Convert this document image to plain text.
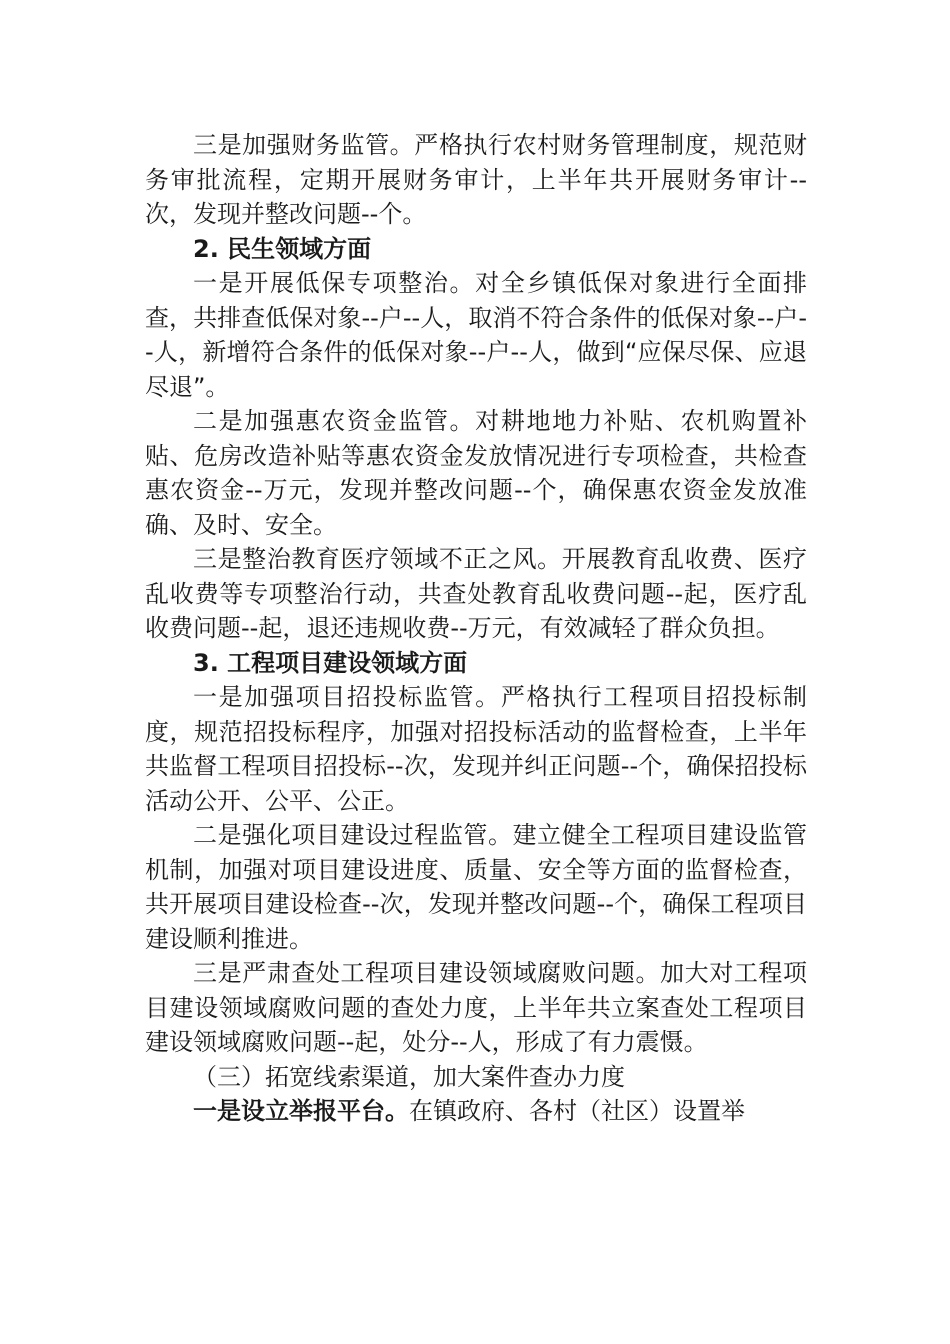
三是加强财务监管。严格执行农村财务管理制度，规范财务审批流程，定期开展财务审计，上半年共开展财务审计--次，发现并整改问题--个。

2. 民生领域方面

一是开展低保专项整治。对全乡镇低保对象进行全面排查，共排查低保对象--户--人，取消不符合条件的低保对象--户--人，新增符合条件的低保对象--户--人，做到“应保尽保、应退尽退”。

二是加强惠农资金监管。对耕地地力补贴、农机购置补贴、危房改造补贴等惠农资金发放情况进行专项检查，共检查惠农资金--万元，发现并整改问题--个，确保惠农资金发放准确、及时、安全。

三是整治教育医疗领域不正之风。开展教育乱收费、医疗乱收费等专项整治行动，共查处教育乱收费问题--起，医疗乱收费问题--起，退还违规收费--万元，有效减轻了群众负担。

3. 工程项目建设领域方面

一是加强项目招投标监管。严格执行工程项目招投标制度，规范招投标程序，加强对招投标活动的监督检查，上半年共监督工程项目招投标--次，发现并纠正问题--个，确保招投标活动公开、公平、公正。

二是强化项目建设过程监管。建立健全工程项目建设监管机制，加强对项目建设进度、质量、安全等方面的监督检查，共开展项目建设检查--次，发现并整改问题--个，确保工程项目建设顺利推进。

三是严肃查处工程项目建设领域腐败问题。加大对工程项目建设领域腐败问题的查处力度，上半年共立案查处工程项目建设领域腐败问题--起，处分--人，形成了有力震慑。

（三）拓宽线索渠道，加大案件查办力度

一是设立举报平台。在镇政府、各村（社区）设置举
